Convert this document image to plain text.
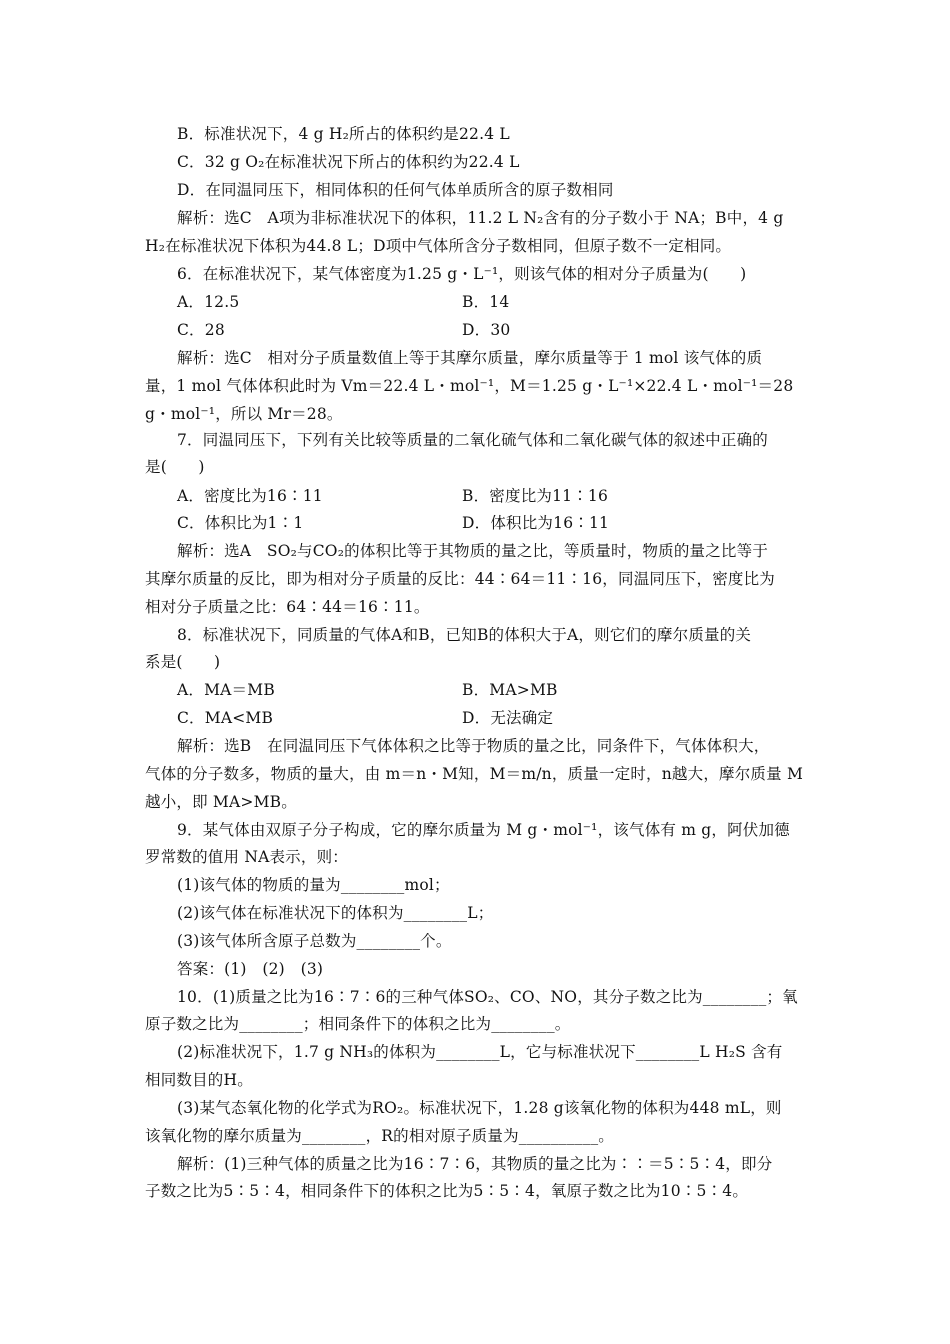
B．标准状况下，4 g H₂所占的体积约是22.4 L
C．32 g O₂在标准状况下所占的体积约为22.4 L
D．在同温同压下，相同体积的任何气体单质所含的原子数相同
解析：选C　A项为非标准状况下的体积，11.2 L N₂含有的分子数小于 NA；B中，4 g
H₂在标准状况下体积为44.8 L；D项中气体所含分子数相同，但原子数不一定相同。
6．在标准状况下，某气体密度为1.25 g・L⁻¹，则该气体的相对分子质量为(　　)
A．12.5	B．14
C．28	D．30
解析：选C　相对分子质量数值上等于其摩尔质量，摩尔质量等于 1 mol 该气体的质
量，1 mol 气体体积此时为 Vm＝22.4 L・mol⁻¹，M＝1.25 g・L⁻¹×22.4 L・mol⁻¹＝28
g・mol⁻¹，所以 Mr＝28。
7．同温同压下，下列有关比较等质量的二氧化硫气体和二氧化碳气体的叙述中正确的
是(　　)
A．密度比为16∶11	B．密度比为11∶16
C．体积比为1∶1	D．体积比为16∶11
解析：选A　SO₂与CO₂的体积比等于其物质的量之比，等质量时，物质的量之比等于
其摩尔质量的反比，即为相对分子质量的反比：44∶64＝11∶16，同温同压下，密度比为
相对分子质量之比：64∶44＝16∶11。
8．标准状况下，同质量的气体A和B，已知B的体积大于A，则它们的摩尔质量的关
系是(　　)
A．MA＝MB	B．MA>MB
C．MA<MB	D．无法确定
解析：选B　在同温同压下气体体积之比等于物质的量之比，同条件下，气体体积大，
气体的分子数多，物质的量大，由 m＝n・M知，M＝m/n，质量一定时，n越大，摩尔质量 M
越小，即 MA>MB。
9．某气体由双原子分子构成，它的摩尔质量为 M g・mol⁻¹，该气体有 m g，阿伏加德
罗常数的值用 NA表示，则：
(1)该气体的物质的量为________mol；
(2)该气体在标准状况下的体积为________L；
(3)该气体所含原子总数为________个。
答案：(1)　(2)　(3)
10．(1)质量之比为16∶7∶6的三种气体SO₂、CO、NO，其分子数之比为________；氧
原子数之比为________；相同条件下的体积之比为________。
(2)标准状况下，1.7 g NH₃的体积为________L，它与标准状况下________L H₂S 含有
相同数目的H。
(3)某气态氧化物的化学式为RO₂。标准状况下，1.28 g该氧化物的体积为448 mL，则
该氧化物的摩尔质量为________，R的相对原子质量为__________。
解析：(1)三种气体的质量之比为16∶7∶6，其物质的量之比为∶∶＝5∶5∶4，即分
子数之比为5∶5∶4，相同条件下的体积之比为5∶5∶4，氧原子数之比为10∶5∶4。
